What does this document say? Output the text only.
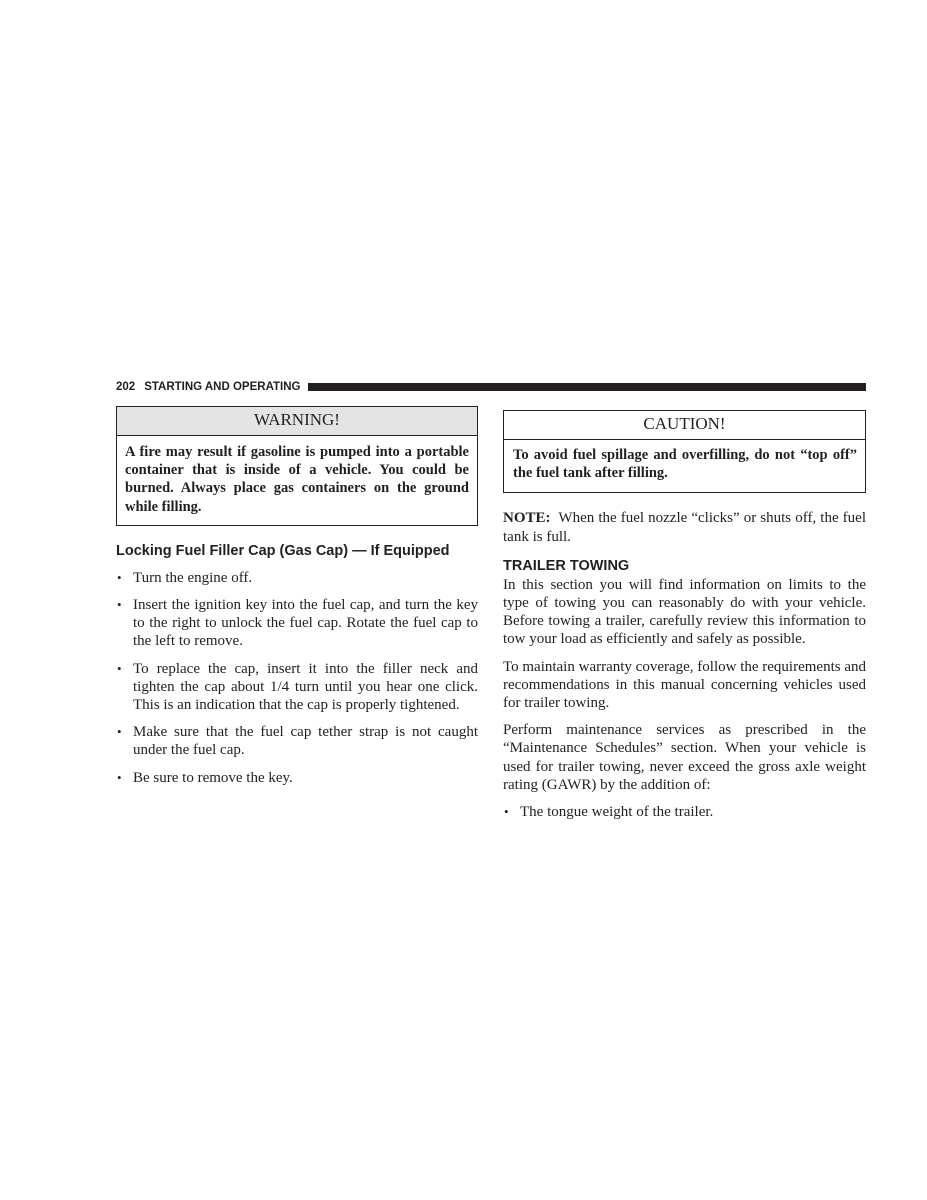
202 STARTING AND OPERATING
WARNING!
A fire may result if gasoline is pumped into a portable container that is inside of a vehicle. You could be burned. Always place gas containers on the ground while filling.
Locking Fuel Filler Cap (Gas Cap) — If Equipped
• Turn the engine off.
• Insert the ignition key into the fuel cap, and turn the key to the right to unlock the fuel cap. Rotate the fuel cap to the left to remove.
• To replace the cap, insert it into the filler neck and tighten the cap about 1/4 turn until you hear one click. This is an indication that the cap is properly tightened.
• Make sure that the fuel cap tether strap is not caught under the fuel cap.
• Be sure to remove the key.
CAUTION!
To avoid fuel spillage and overfilling, do not “top off” the fuel tank after filling.

NOTE: When the fuel nozzle “clicks” or shuts off, the fuel tank is full.

TRAILER TOWING

In this section you will find information on limits to the type of towing you can reasonably do with your vehicle. Before towing a trailer, carefully review this information to tow your load as efficiently and safely as possible.

To maintain warranty coverage, follow the requirements and recommendations in this manual concerning vehicles used for trailer towing.

Perform maintenance services as prescribed in the “Maintenance Schedules” section. When your vehicle is used for trailer towing, never exceed the gross axle weight rating (GAWR) by the addition of:

• The tongue weight of the trailer.
